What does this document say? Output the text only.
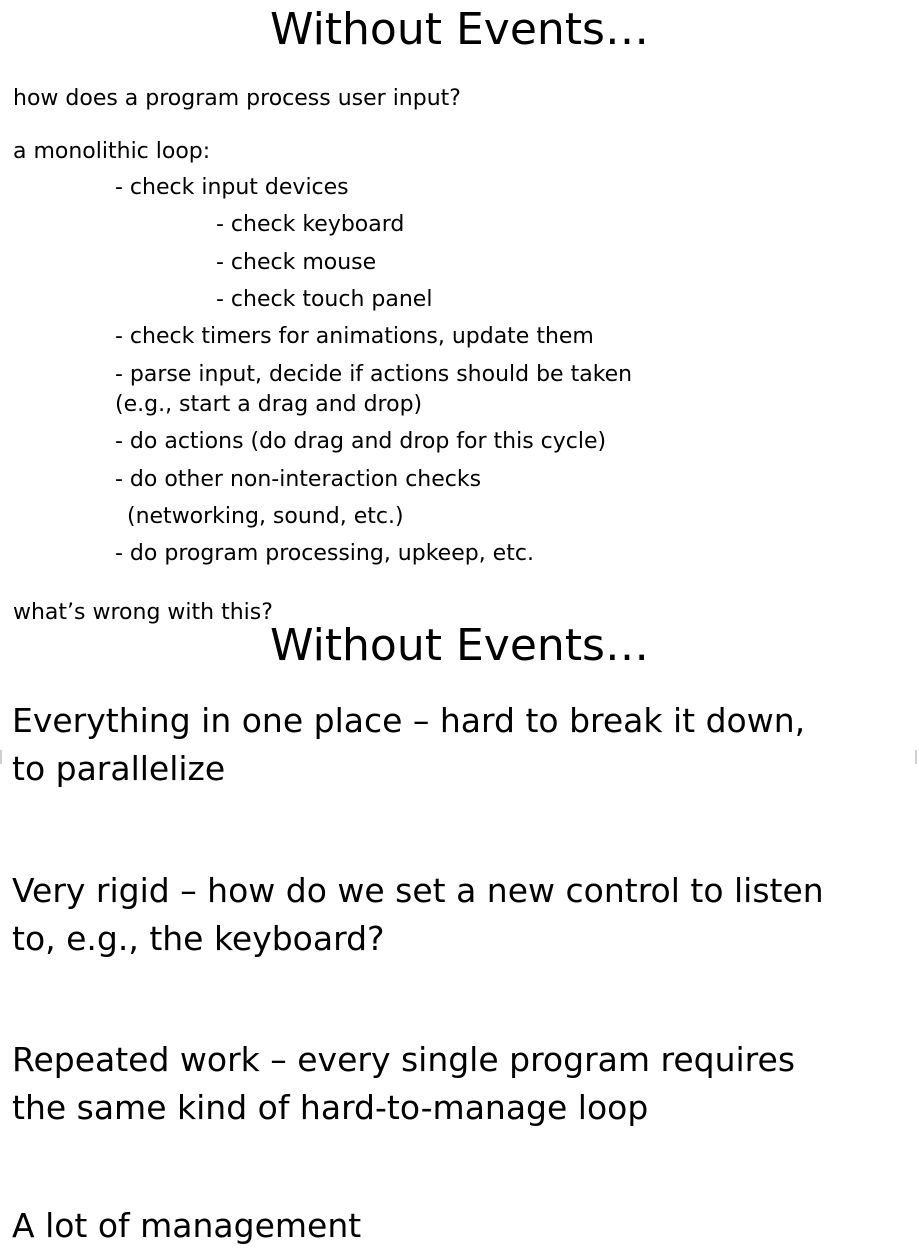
Without Events…
how does a program process user input?
a monolithic loop:
- check input devices
- check keyboard
- check mouse
- check touch panel
- check timers for animations, update them
- parse input, decide if actions should be taken
(e.g., start a drag and drop)
- do actions (do drag and drop for this cycle)
- do other non-interaction checks
(networking, sound, etc.)
- do program processing, upkeep, etc.
what’s wrong with this?
Without Events…
Everything in one place – hard to break it down,
to parallelize
Very rigid – how do we set a new control to listen
to, e.g., the keyboard?
Repeated work – every single program requires
the same kind of hard-to-manage loop
A lot of management
